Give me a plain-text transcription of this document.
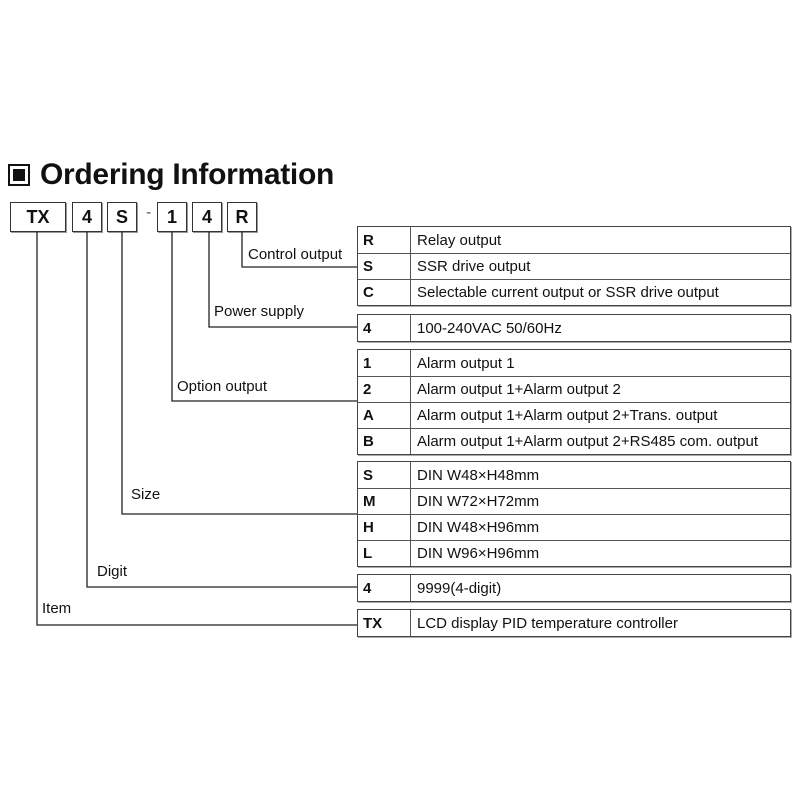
Ordering Information
TX	4	S	- 1	4	R
Control output
Power supply
Option output
Size
Digit
Item
R	Relay output
S	SSR drive output
C	Selectable current output or SSR drive output
4	100-240VAC 50/60Hz
1	Alarm output 1
2	Alarm output 1+Alarm output 2
A	Alarm output 1+Alarm output 2+Trans. output
B	Alarm output 1+Alarm output 2+RS485 com. output
S	DIN W48×H48mm
M	DIN W72×H72mm
H	DIN W48×H96mm
L	DIN W96×H96mm
4	9999(4-digit)
TX	LCD display PID temperature controller
